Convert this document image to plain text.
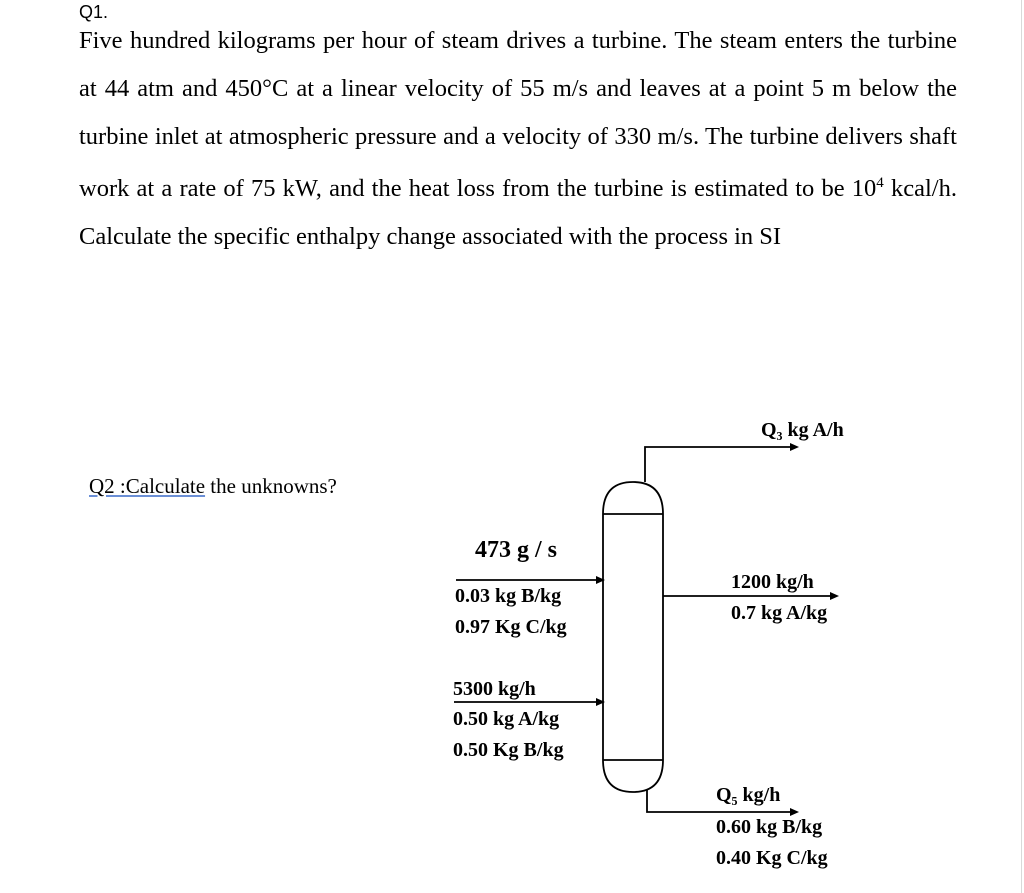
Q1.

Five hundred kilograms per hour of steam drives a turbine. The steam enters the turbine at 44 atm and 450°C at a linear velocity of 55 m/s and leaves at a point 5 m below the turbine inlet at atmospheric pressure and a velocity of 330 m/s. The turbine delivers shaft work at a rate of 75 kW, and the heat loss from the turbine is estimated to be $10^4$ kcal/h. Calculate the specific enthalpy change associated with the process in SI

Q2 :Calculate the unknowns?
Q₃ kg A/h
473 g / s
0.03 kg B/kg
0.97 Kg C/kg
1200 kg/h
0.7 kg A/kg
5300 kg/h
0.50 kg A/kg
0.50 Kg B/kg
Q₅ kg/h
0.60 kg B/kg
0.40 Kg C/kg
